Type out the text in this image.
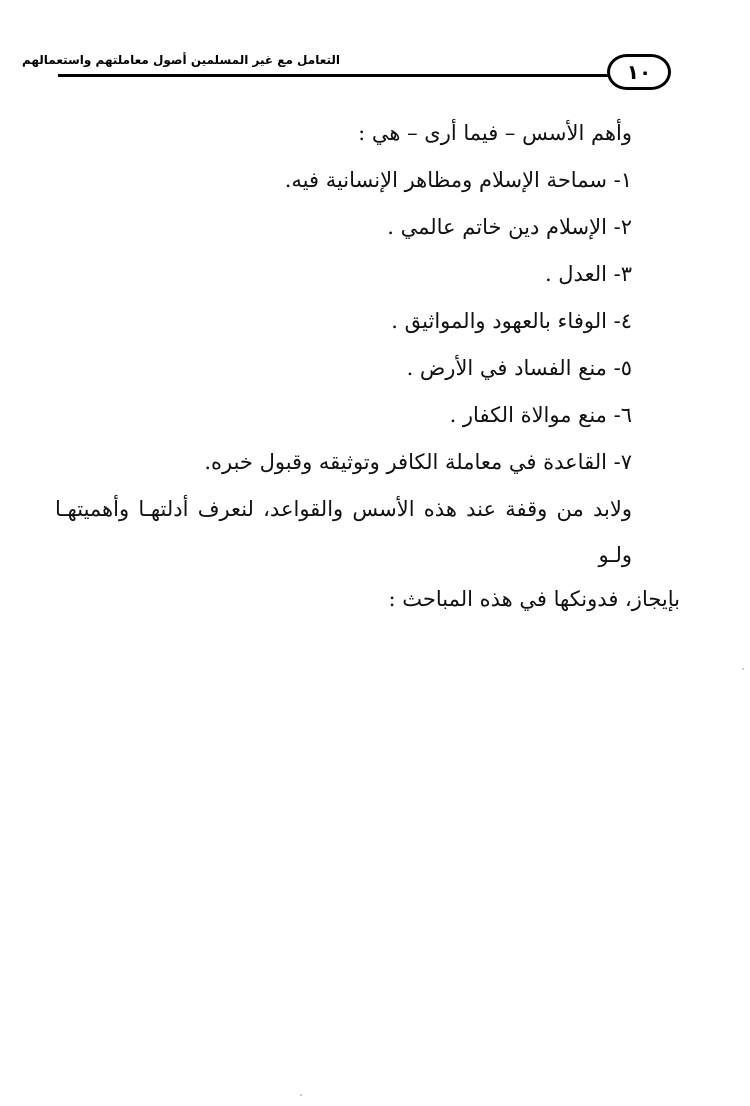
التعامل مع غير المسلمين أصول معاملتهم واستعمالهم	١٠
وأهم الأسس – فيما أرى – هي :
١- سماحة الإسلام ومظاهر الإنسانية فيه.
٢- الإسلام دين خاتم عالمي .
٣- العدل .
٤- الوفاء بالعهود والمواثيق .
٥- منع الفساد في الأرض .
٦- منع موالاة الكفار .
٧- القاعدة في معاملة الكافر وتوثيقه وقبول خبره.
ولابد من وقفة عند هذه الأسس والقواعد، لنعرف أدلتهـا وأهميتهـا ولـو
بإيجاز، فدونكها في هذه المباحث :
